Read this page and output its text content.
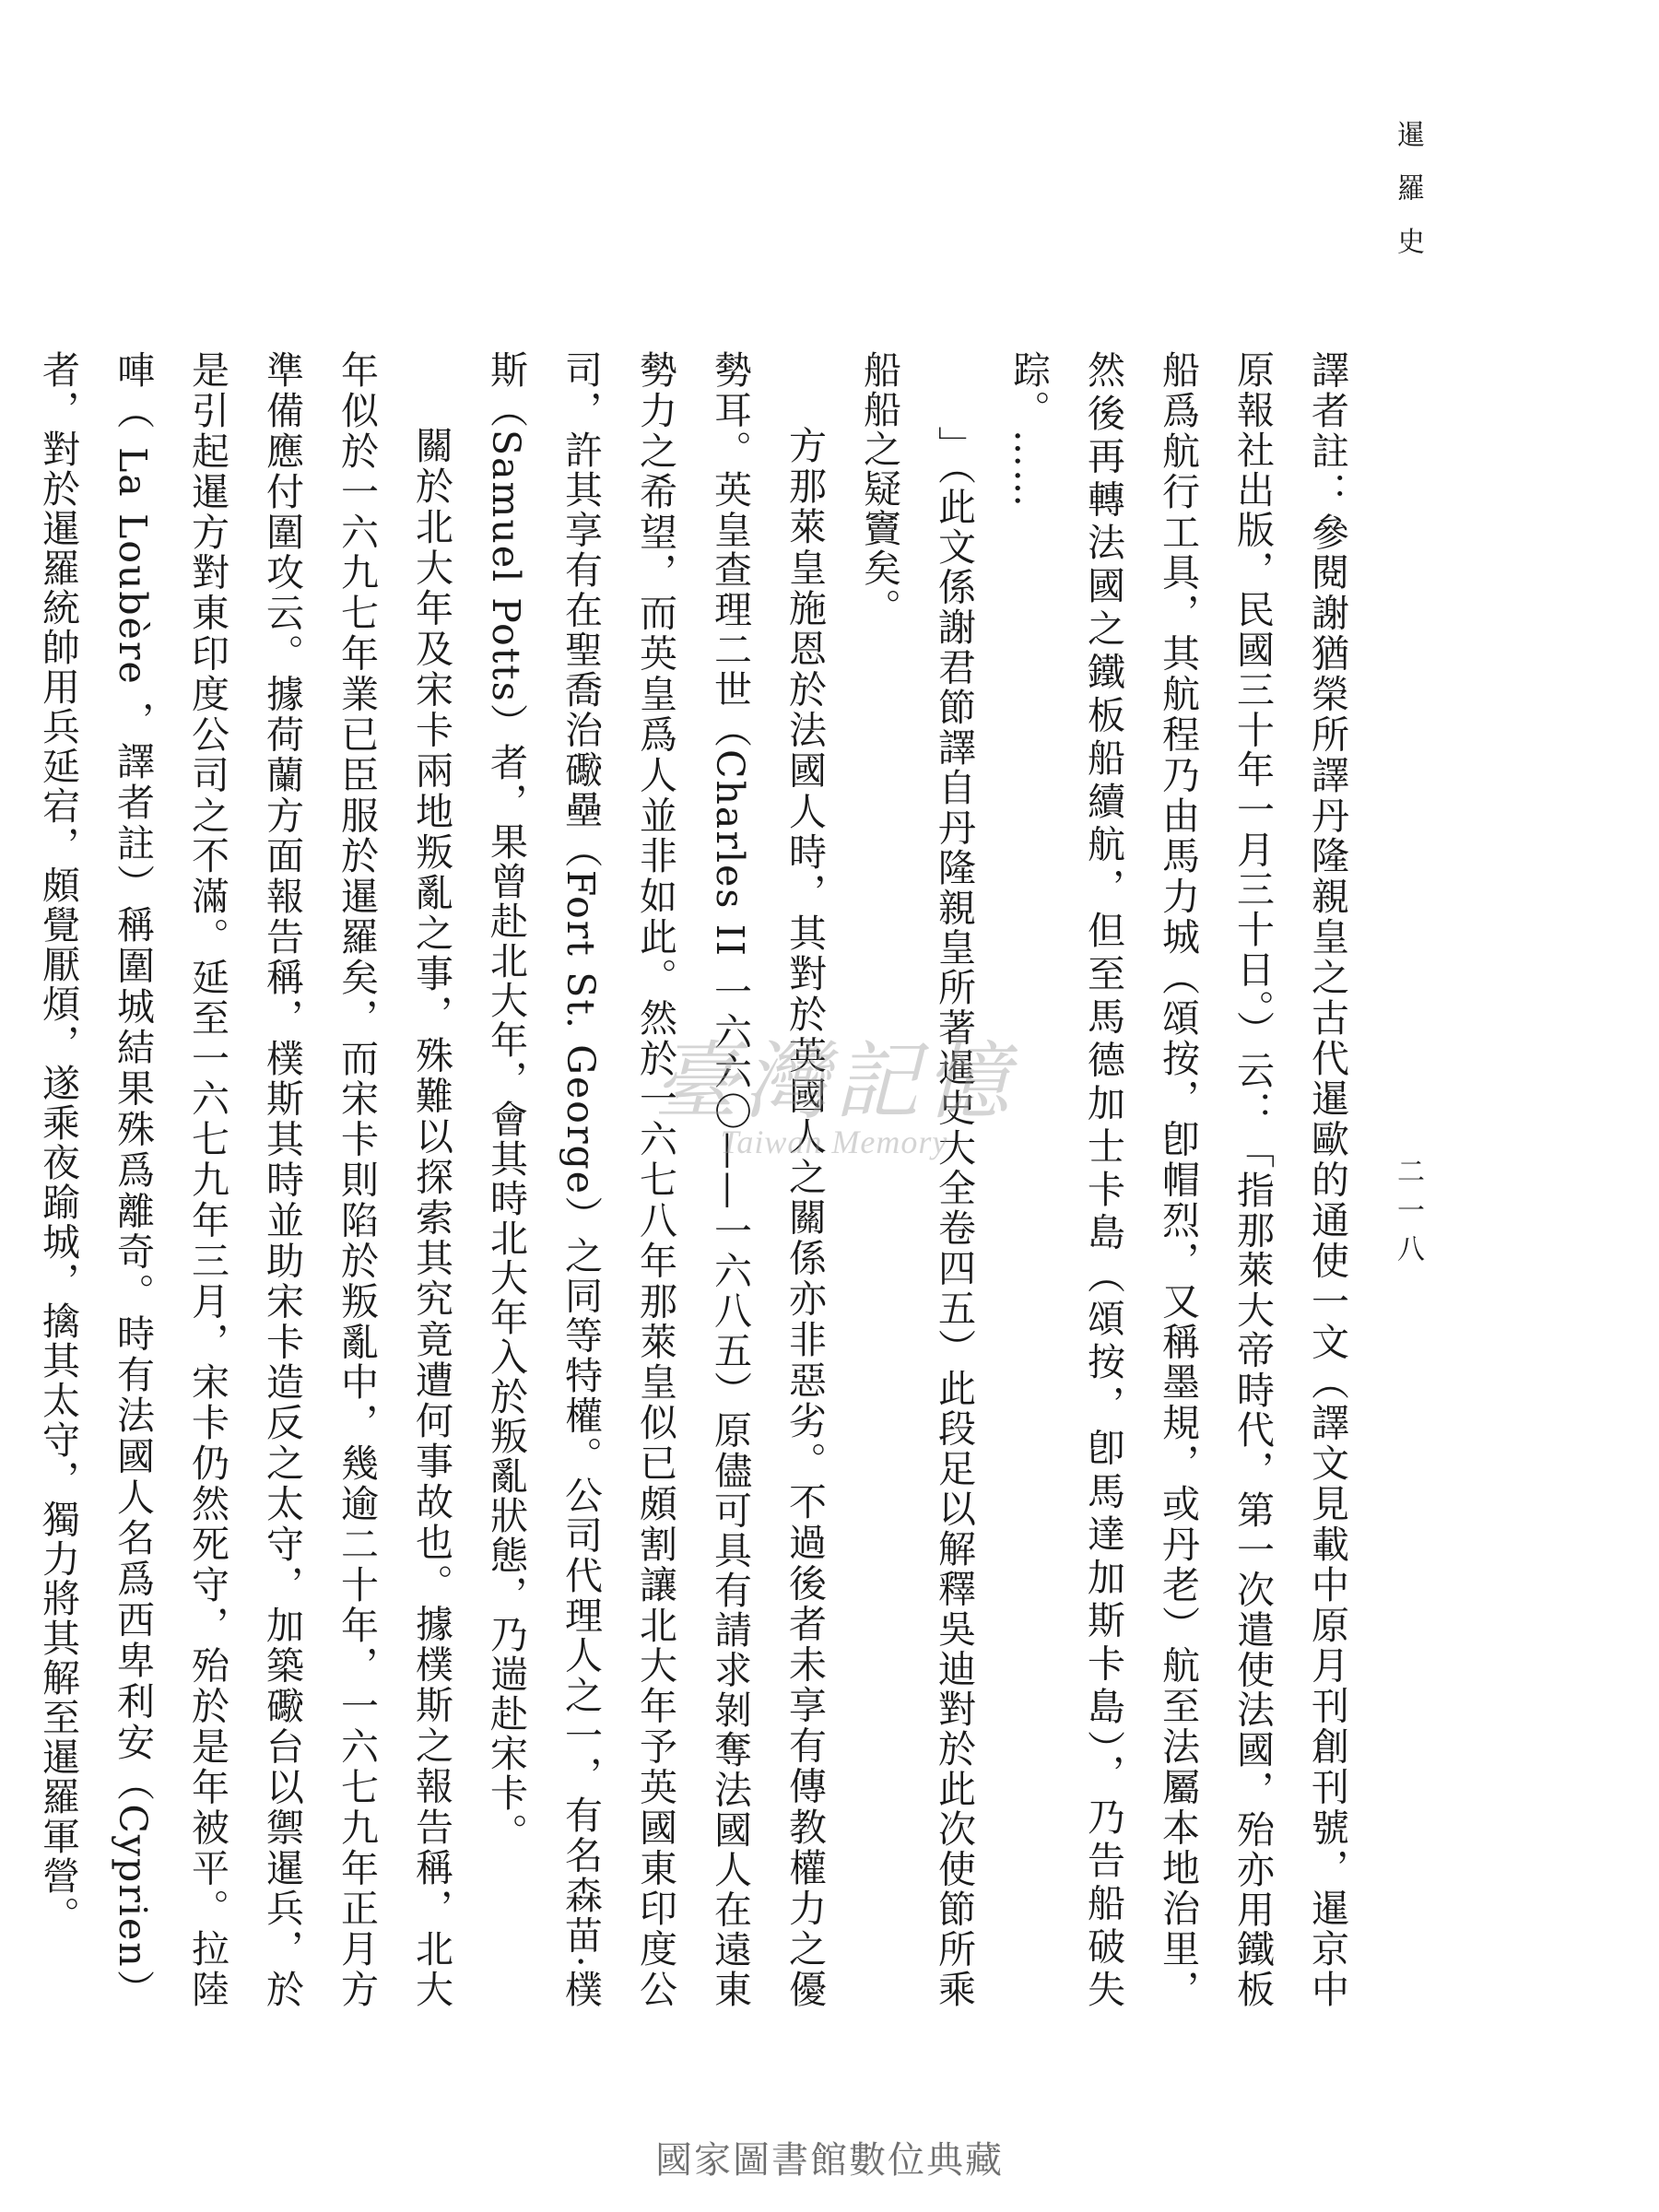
暹羅史
二一八

譯者註：參閱謝猶榮所譯丹隆親皇之古代暹歐的通使一文（譯文見載中原月刊創刊號，暹京中原報社出版，民國三十年一月三十日。）云：「指那萊大帝時代，第一次遣使法國，殆亦用鐵板船爲航行工具，其航程乃由馬力城（頌按，卽帽烈，又稱墨規，或丹老）航至法屬本地治里，然後再轉法國之鐵板船續航，但至馬德加士卡島（頌按，卽馬達加斯卡島），乃告船破失踪。……

」（此文係謝君節譯自丹隆親皇所著暹史大全卷四五）此段足以解釋吳迪對於此次使節所乘船船之疑竇矣。

方那萊皇施恩於法國人時，其對於英國人之關係亦非惡劣。不過後者未享有傳教權力之優勢耳。英皇查理二世（Charles II 一六六〇——一六八五）原儘可具有請求剝奪法國人在遠東勢力之希望，而英皇爲人並非如此。然於一六七八年那萊皇似已頗割讓北大年予英國東印度公司，許其享有在聖喬治礮壘（Fort St. George）之同等特權。公司代理人之一，有名森苗·樸斯（Samuel Potts）者，果曾赴北大年，會其時北大年入於叛亂狀態，乃遄赴宋卡。

關於北大年及宋卡兩地叛亂之事，殊難以探索其究竟遭何事故也。據樸斯之報告稱，北大年似於一六九七年業已臣服於暹羅矣，而宋卡則陷於叛亂中，幾逾二十年，一六七九年正月方準備應付圍攻云。據荷蘭方面報告稱，樸斯其時並助宋卡造反之太守，加築礮台以禦暹兵，於是引起暹方對東印度公司之不滿。延至一六七九年三月，宋卡仍然死守，殆於是年被平。拉陸唓（ La Loubère ，譯者註）稱圍城結果殊爲離奇。時有法國人名爲西卑利安（Cyprien）者，對於暹羅統帥用兵延宕，頗覺厭煩，遂乘夜踰城，擒其太守，獨力將其解至暹羅軍營。	臺灣記憶
Taiwan Memory
國家圖書館數位典藏
